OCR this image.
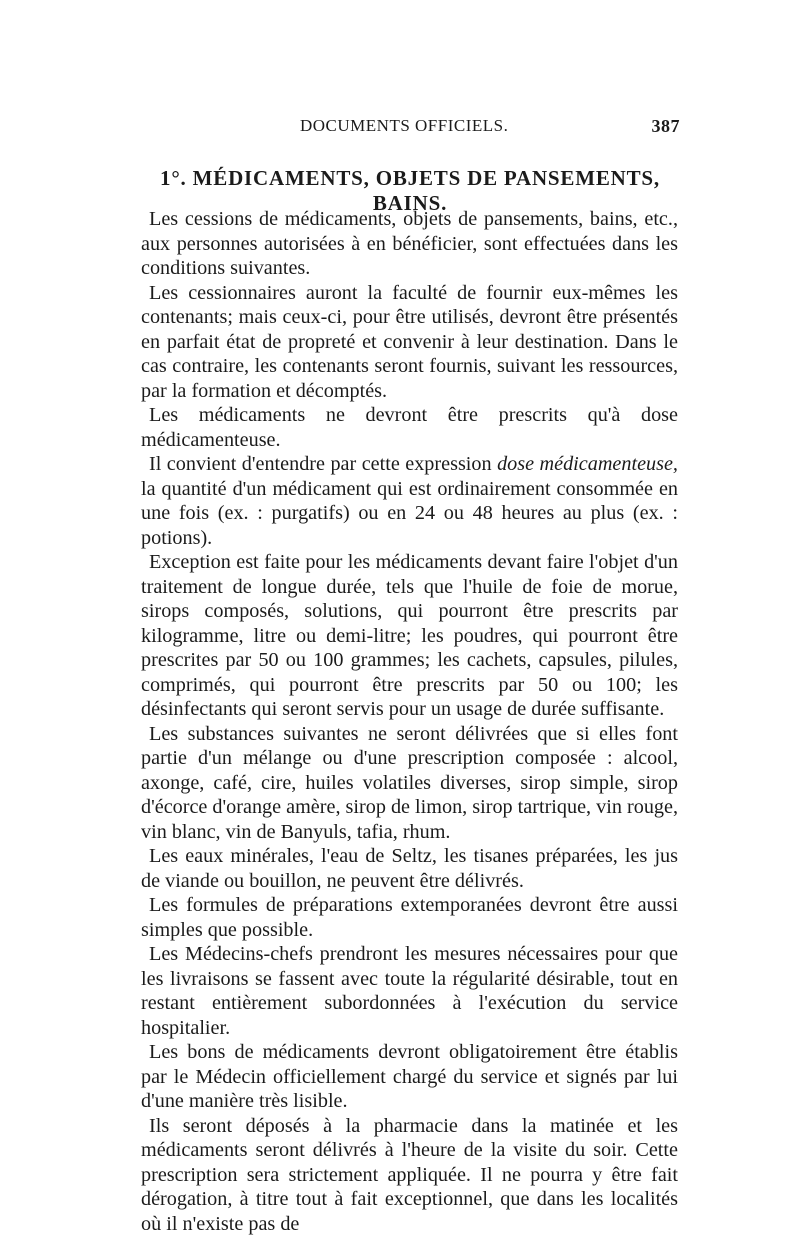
DOCUMENTS OFFICIELS.	387
1°. MÉDICAMENTS, OBJETS DE PANSEMENTS, BAINS.

Les cessions de médicaments, objets de pansements, bains, etc., aux personnes autorisées à en bénéficier, sont effectuées dans les conditions suivantes.

Les cessionnaires auront la faculté de fournir eux-mêmes les contenants; mais ceux-ci, pour être utilisés, devront être présentés en parfait état de propreté et convenir à leur destination. Dans le cas contraire, les contenants seront fournis, suivant les ressources, par la formation et décomptés.

Les médicaments ne devront être prescrits qu'à dose médicamenteuse.

Il convient d'entendre par cette expression dose médicamenteuse, la quantité d'un médicament qui est ordinairement consommée en une fois (ex. : purgatifs) ou en 24 ou 48 heures au plus (ex. : potions).

Exception est faite pour les médicaments devant faire l'objet d'un traitement de longue durée, tels que l'huile de foie de morue, sirops composés, solutions, qui pourront être prescrits par kilogramme, litre ou demi-litre; les poudres, qui pourront être prescrites par 50 ou 100 grammes; les cachets, capsules, pilules, comprimés, qui pourront être prescrits par 50 ou 100; les désinfectants qui seront servis pour un usage de durée suffisante.

Les substances suivantes ne seront délivrées que si elles font partie d'un mélange ou d'une prescription composée : alcool, axonge, café, cire, huiles volatiles diverses, sirop simple, sirop d'écorce d'orange amère, sirop de limon, sirop tartrique, vin rouge, vin blanc, vin de Banyuls, tafia, rhum.

Les eaux minérales, l'eau de Seltz, les tisanes préparées, les jus de viande ou bouillon, ne peuvent être délivrés.

Les formules de préparations extemporanées devront être aussi simples que possible.

Les Médecins-chefs prendront les mesures nécessaires pour que les livraisons se fassent avec toute la régularité désirable, tout en restant entièrement subordonnées à l'exécution du service hospitalier.

Les bons de médicaments devront obligatoirement être établis par le Médecin officiellement chargé du service et signés par lui d'une manière très lisible.

Ils seront déposés à la pharmacie dans la matinée et les médicaments seront délivrés à l'heure de la visite du soir. Cette prescription sera strictement appliquée. Il ne pourra y être fait dérogation, à titre tout à fait exceptionnel, que dans les localités où il n'existe pas de
